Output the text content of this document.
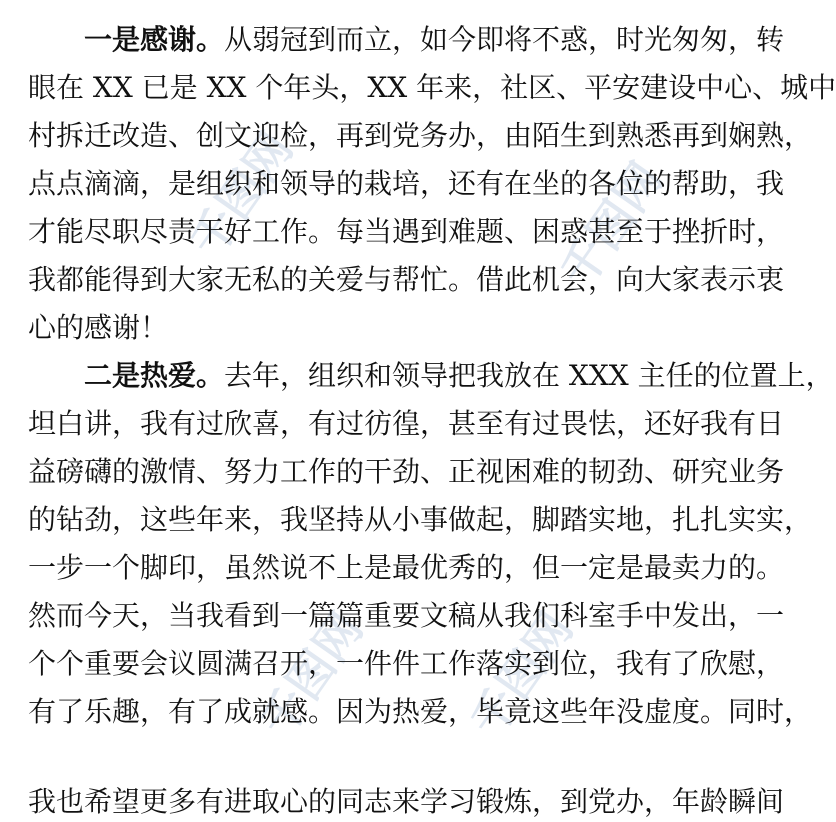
千图网	千图网
千图网 千图网
一是感谢。从弱冠到而立，如今即将不惑，时光匆匆，转
眼在 XX 已是 XX 个年头，XX 年来，社区、平安建设中心、城中
村拆迁改造、创文迎检，再到党务办，由陌生到熟悉再到娴熟，
点点滴滴，是组织和领导的栽培，还有在坐的各位的帮助，我
才能尽职尽责干好工作。每当遇到难题、困惑甚至于挫折时，
我都能得到大家无私的关爱与帮忙。借此机会，向大家表示衷
心的感谢！
二是热爱。去年，组织和领导把我放在 XXX 主任的位置上，
坦白讲，我有过欣喜，有过彷徨，甚至有过畏怯，还好我有日
益磅礴的激情、努力工作的干劲、正视困难的韧劲、研究业务
的钻劲，这些年来，我坚持从小事做起，脚踏实地，扎扎实实，
一步一个脚印，虽然说不上是最优秀的，但一定是最卖力的。
然而今天，当我看到一篇篇重要文稿从我们科室手中发出，一
个个重要会议圆满召开，一件件工作落实到位，我有了欣慰，
有了乐趣，有了成就感。因为热爱，毕竟这些年没虚度。同时，
我也希望更多有进取心的同志来学习锻炼，到党办，年龄瞬间
